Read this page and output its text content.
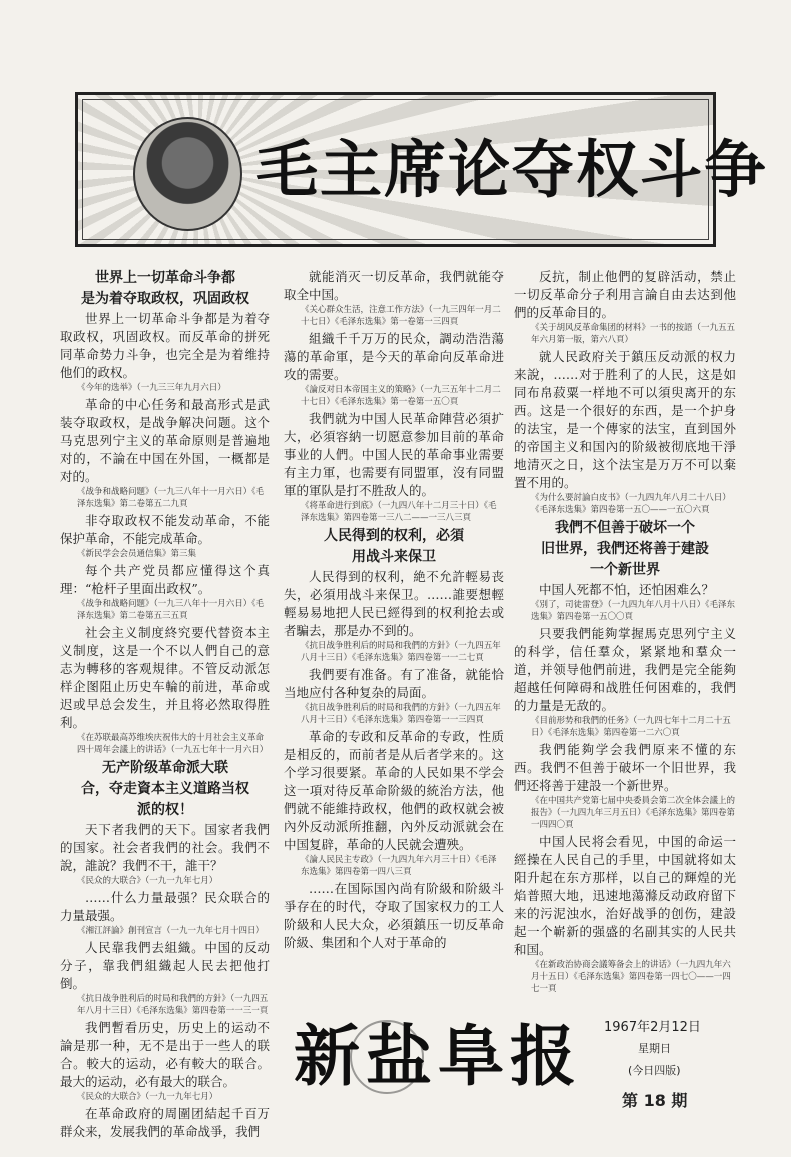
毛主席论夺权斗争

世界上一切革命斗争都

是为着夺取政权，巩固政权

世界上一切革命斗争都是为着夺取政权，巩固政权。而反革命的拼死同革命势力斗争，也完全是为着维持他们的政权。

《今年的选举》（一九三三年九月六日）

革命的中心任务和最高形式是武装夺取政权，是战争解决问题。这个马克思列宁主义的革命原则是普遍地对的，不論在中国在外国，一概都是对的。

《战争和战略问题》（一九三八年十一月六日）《毛泽东选集》第二卷第五二九頁

非夺取政权不能发动革命，不能保护革命，不能完成革命。

《新民学会会员通信集》第三集

每个共产党员都应懂得这个真理：“枪杆子里面出政权”。

《战争和战略问题》（一九三八年十一月六日）《毛泽东选集》第二卷第五三五頁

社会主义制度終究要代替资本主义制度，这是一个不以人們自己的意志为轉移的客观規律。不管反动派怎样企图阻止历史车輪的前进，革命或迟或早总会发生，并且将必然取得胜利。

《在苏联最高苏维埃庆祝伟大的十月社会主义革命四十周年会議上的讲话》（一九五七年十一月六日）

无产阶级革命派大联

合，夺走資本主义道路当权

派的权！

天下者我們的天下。国家者我們的国家。社会者我們的社会。我們不說，誰說？我們不干，誰干？

《民众的大联合》（一九一九年七月）

……什么力量最强？民众联合的力量最强。

《湘江評論》創刊宣言（一九一九年七月十四日）

人民靠我們去組織。中国的反动分子，靠我們組織起人民去把他打倒。

《抗日战争胜利后的时局和我們的方針》（一九四五年八月十三日）《毛泽东选集》第四卷第一一三一頁

我們暫看历史，历史上的运动不論是那一种，无不是出于一些人的联合。較大的运动，必有較大的联合。最大的运动，必有最大的联合。

《民众的大联合》（一九一九年七月）

在革命政府的周圍团結起千百万群众来，发展我們的革命战爭，我們

就能消灭一切反革命，我們就能夺取全中国。

《关心群众生活，注意工作方法》（一九三四年一月二十七日）《毛泽东选集》第一卷第一三四頁

組織千千万万的民众，調动浩浩蕩蕩的革命軍，是今天的革命向反革命进攻的需要。

《論反对日本帝国主义的策略》（一九三五年十二月二十七日）《毛泽东选集》第一卷第一五〇頁

我們就为中国人民革命陣营必須扩大，必須容納一切愿意参加目前的革命事业的人們。中国人民的革命事业需要有主力軍，也需要有同盟軍，沒有同盟軍的軍队是打不胜敌人的。

《将革命进行到底》（一九四八年十二月三十日）《毛泽东选集》第四卷第一三八二——一三八三頁

人民得到的权利，必須

用战斗来保卫

人民得到的权利，絶不允許輕易丧失，必須用战斗来保卫。……誰要想輕輕易易地把人民已經得到的权利抢去或者騙去，那是办不到的。

《抗日战争胜利后的时局和我們的方針》（一九四五年八月十三日）《毛泽东选集》第四卷第一一二七頁

我們要有准备。有了准备，就能恰当地应付各种复杂的局面。

《抗日战争胜利后的时局和我們的方針》（一九四五年八月十三日）《毛泽东选集》第四卷第一一三四頁

革命的专政和反革命的专政，性质是相反的，而前者是从后者学来的。这个学习很要紧。革命的人民如果不学会这一項对待反革命阶級的統治方法，他們就不能維持政权，他們的政权就会被內外反动派所推翻，內外反动派就会在中国复辟，革命的人民就会遭殃。

《論人民民主专政》（一九四九年六月三十日）《毛泽东选集》第四卷第一四八三頁

……在国际国內尚有阶級和阶級斗爭存在的时代，夺取了国家权力的工人阶級和人民大众，必須鎮压一切反革命阶級、集团和个人对于革命的

反抗，制止他們的复辟活动，禁止一切反革命分子利用言論自由去达到他們的反革命目的。

《关于胡风反革命集团的材料》一书的按語（一九五五年六月第一版，第六八頁）

就人民政府关于鎮压反动派的权力来說，……对于胜利了的人民，这是如同布帛菽粟一样地不可以須臾离开的东西。这是一个很好的东西，是一个护身的法宝，是一个傳家的法宝，直到国外的帝国主义和国內的阶級被彻底地干淨地清灭之日，这个法宝是万万不可以棄置不用的。

《为什么要討論白皮书》（一九四九年八月二十八日）《毛泽东选集》第四卷第一五〇——一五〇六頁

我們不但善于破坏一个

旧世界，我們还将善于建設

一个新世界

中国人死都不怕，还怕困难么？

《別了，司徒雷登》（一九四九年八月十八日）《毛泽东选集》第四卷第一五〇〇頁

只要我們能夠掌握馬克思列宁主义的科学，信任羣众，紧紧地和羣众一道，并领导他們前进，我們是完全能夠超越任何障碍和战胜任何困难的，我們的力量是无敌的。

《目前形势和我們的任务》（一九四七年十二月二十五日）《毛泽东选集》第四卷第一二六〇頁

我們能夠学会我們原来不懂的东西。我們不但善于破坏一个旧世界，我們还将善于建設一个新世界。

《在中国共产党第七届中央委員会第二次全体会議上的报告》（一九四九年三月五日）《毛泽东选集》第四卷第一四四〇頁

中国人民将会看见，中国的命运一經操在人民自己的手里，中国就将如太阳升起在东方那样，以自己的輝煌的光焰普照大地，迅速地蕩滌反动政府留下来的污泥浊水，治好战爭的创伤，建設起一个嶄新的强盛的名副其实的人民共和国。

《在新政治协商会議筹备会上的讲话》（一九四九年六月十五日）《毛泽东选集》第四卷第一四七〇——一四七一頁

新盐阜报	1967年2月12日
星期日
(今日四版)
第 18 期
